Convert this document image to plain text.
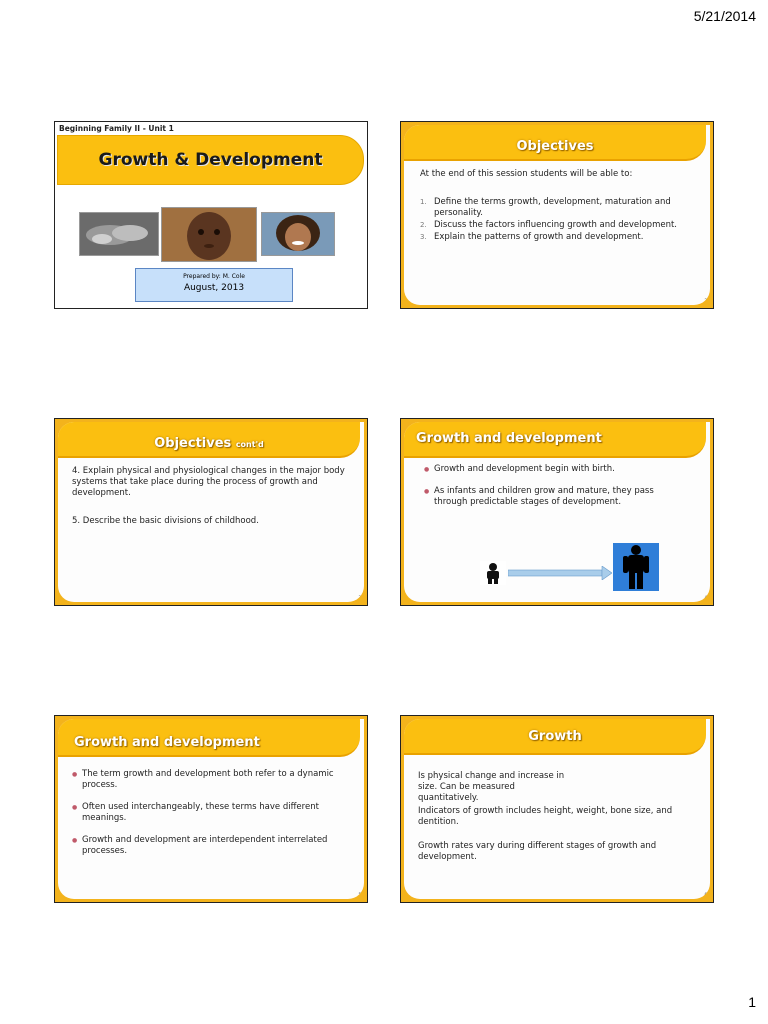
5/21/2014
Beginning Family II - Unit 1
Growth & Development
Prepared by: M. Cole
August, 2013
Objectives
At the end of this session students will be able to:
1. Define the terms growth, development, maturation and personality.
2. Discuss the factors influencing growth and development.
3. Explain the patterns of growth and development.
2
Objectives cont'd
4. Explain physical and physiological changes in the major body systems that take place during the process of growth and development.
5. Describe the basic divisions of childhood.
3
Growth and development
● Growth and development begin with birth.
● As infants and children grow and mature, they pass through predictable stages of development.
4
Growth and development
● The term growth and development both refer to a dynamic process.
● Often used interchangeably, these terms have different meanings.
● Growth and development are interdependent interrelated processes.
5
Growth
Is physical change and increase in size. Can be measured quantitatively.
Indicators of growth includes height, weight, bone size, and dentition.
Growth rates vary during different stages of growth and development.
6
1
